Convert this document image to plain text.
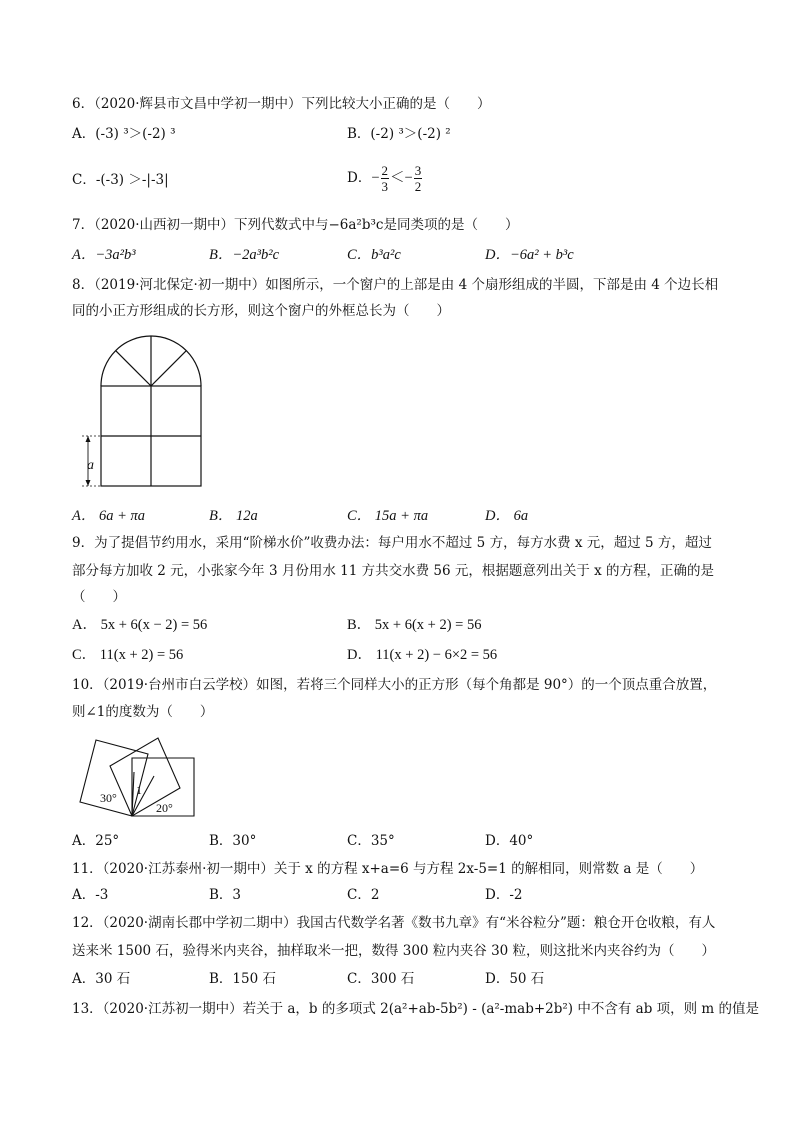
6．（2020·辉县市文昌中学初一期中）下列比较大小正确的是（　　）
A．(-3) ³＞(-2) ³	B．(-2) ³＞(-2) ²
C．-(-3) ＞-|-3|	D．− $\frac{2}{3} <- \frac{3}{2}$
7．（2020·山西初一期中）下列代数式中与−6a²b³c是同类项的是（　　）
A．−3a²b³	B．−2a³b²c	C．b³a²c	D．−6a² + b³c
8．（2019·河北保定·初一期中）如图所示，一个窗户的上部是由 4 个扇形组成的半圆，下部是由 4 个边长相
同的小正方形组成的长方形，则这个窗户的外框总长为（　　）
a
A． 6a + πa	B． 12a	C． 15a + πa	D． 6a
9．为了提倡节约用水，采用“阶梯水价”收费办法：每户用水不超过 5 方，每方水费 x 元，超过 5 方，超过
部分每方加收 2 元，小张家今年 3 月份用水 11 方共交水费 56 元，根据题意列出关于 x 的方程，正确的是
（　　）
A． 5x + 6(x − 2) = 56	B． 5x + 6(x + 2) = 56
C． 11(x + 2) = 56	D． 11(x + 2) − 6×2 = 56
10．（2019·台州市白云学校）如图，若将三个同样大小的正方形（每个角都是 90°）的一个顶点重合放置，
则∠1的度数为（　　）
30°
1
20°
A．25°	B．30°	C．35°	D．40°
11．（2020·江苏泰州·初一期中）关于 x 的方程 x+a=6 与方程 2x-5=1 的解相同，则常数 a 是（　　）
A．-3	B．3	C．2	D．-2
12．（2020·湖南长郡中学初二期中）我国古代数学名著《数书九章》有“米谷粒分”题：粮仓开仓收粮，有人
送来米 1500 石，验得米内夹谷，抽样取米一把，数得 300 粒内夹谷 30 粒，则这批米内夹谷约为（　　）
A．30 石	B．150 石	C．300 石	D．50 石
13．（2020·江苏初一期中）若关于 a，b 的多项式 2(a²+ab-5b²) - (a²-mab+2b²) 中不含有 ab 项，则 m 的值是
